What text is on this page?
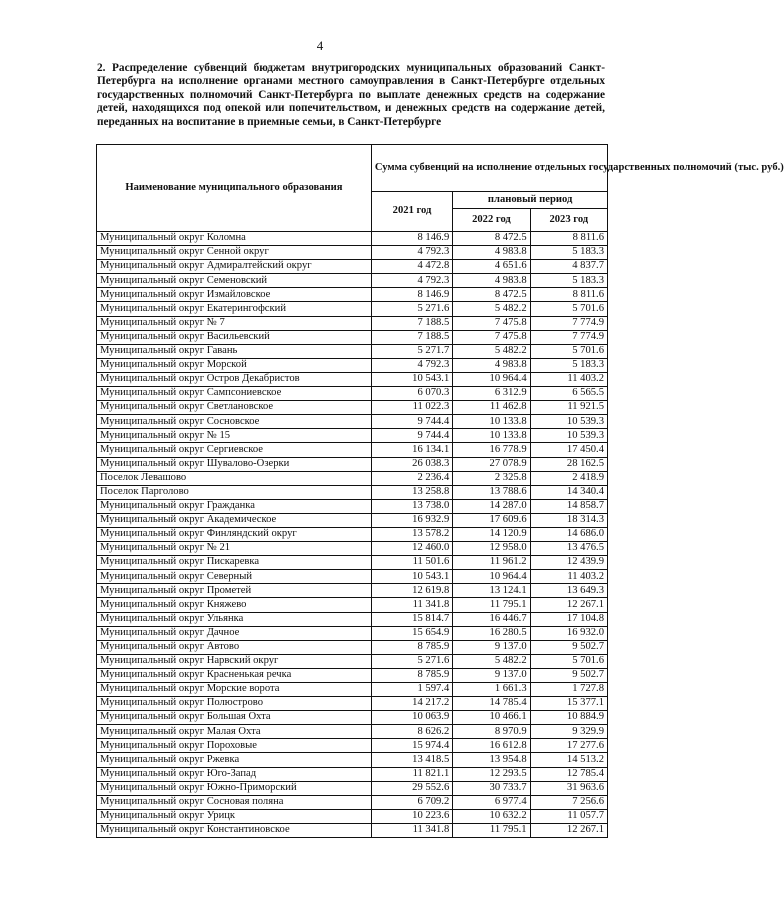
4
2. Распределение субвенций бюджетам внутригородских муниципальных образований Санкт-Петербурга на исполнение органами местного самоуправления в Санкт-Петербурге отдельных государственных полномочий Санкт-Петербурга по выплате денежных средств на содержание детей, находящихся под опекой или попечительством, и денежных средств на содержание детей, переданных на воспитание в приемные семьи, в Санкт-Петербурге
Наименование муниципального образования	Сумма субвенций на исполнение отдельных государственных полномочий (тыс. руб.)		
	2021 год	плановый период	
		2022 год	2023 год
Муниципальный округ Коломна	8 146.9	8 472.5	8 811.6
Муниципальный округ Сенной округ	4 792.3	4 983.8	5 183.3
Муниципальный округ Адмиралтейский округ	4 472.8	4 651.6	4 837.7
Муниципальный округ Семеновский	4 792.3	4 983.8	5 183.3
Муниципальный округ Измайловское	8 146.9	8 472.5	8 811.6
Муниципальный округ Екатерингофский	5 271.6	5 482.2	5 701.6
Муниципальный округ № 7	7 188.5	7 475.8	7 774.9
Муниципальный округ Васильевский	7 188.5	7 475.8	7 774.9
Муниципальный округ Гавань	5 271.7	5 482.2	5 701.6
Муниципальный округ Морской	4 792.3	4 983.8	5 183.3
Муниципальный округ Остров Декабристов	10 543.1	10 964.4	11 403.2
Муниципальный округ Сампсониевское	6 070.3	6 312.9	6 565.5
Муниципальный округ Светлановское	11 022.3	11 462.8	11 921.5
Муниципальный округ Сосновское	9 744.4	10 133.8	10 539.3
Муниципальный округ № 15	9 744.4	10 133.8	10 539.3
Муниципальный округ Сергиевское	16 134.1	16 778.9	17 450.4
Муниципальный округ Шувалово-Озерки	26 038.3	27 078.9	28 162.5
Поселок Левашово	2 236.4	2 325.8	2 418.9
Поселок Парголово	13 258.8	13 788.6	14 340.4
Муниципальный округ Гражданка	13 738.0	14 287.0	14 858.7
Муниципальный округ Академическое	16 932.9	17 609.6	18 314.3
Муниципальный округ Финляндский округ	13 578.2	14 120.9	14 686.0
Муниципальный округ № 21	12 460.0	12 958.0	13 476.5
Муниципальный округ Пискаревка	11 501.6	11 961.2	12 439.9
Муниципальный округ Северный	10 543.1	10 964.4	11 403.2
Муниципальный округ Прометей	12 619.8	13 124.1	13 649.3
Муниципальный округ Княжево	11 341.8	11 795.1	12 267.1
Муниципальный округ Ульянка	15 814.7	16 446.7	17 104.8
Муниципальный округ Дачное	15 654.9	16 280.5	16 932.0
Муниципальный округ Автово	8 785.9	9 137.0	9 502.7
Муниципальный округ Нарвский округ	5 271.6	5 482.2	5 701.6
Муниципальный округ Красненькая речка	8 785.9	9 137.0	9 502.7
Муниципальный округ Морские ворота	1 597.4	1 661.3	1 727.8
Муниципальный округ Полюстрово	14 217.2	14 785.4	15 377.1
Муниципальный округ Большая Охта	10 063.9	10 466.1	10 884.9
Муниципальный округ Малая Охта	8 626.2	8 970.9	9 329.9
Муниципальный округ Пороховые	15 974.4	16 612.8	17 277.6
Муниципальный округ Ржевка	13 418.5	13 954.8	14 513.2
Муниципальный округ Юго-Запад	11 821.1	12 293.5	12 785.4
Муниципальный округ Южно-Приморский	29 552.6	30 733.7	31 963.6
Муниципальный округ Сосновая поляна	6 709.2	6 977.4	7 256.6
Муниципальный округ Урицк	10 223.6	10 632.2	11 057.7
Муниципальный округ Константиновское	11 341.8	11 795.1	12 267.1
